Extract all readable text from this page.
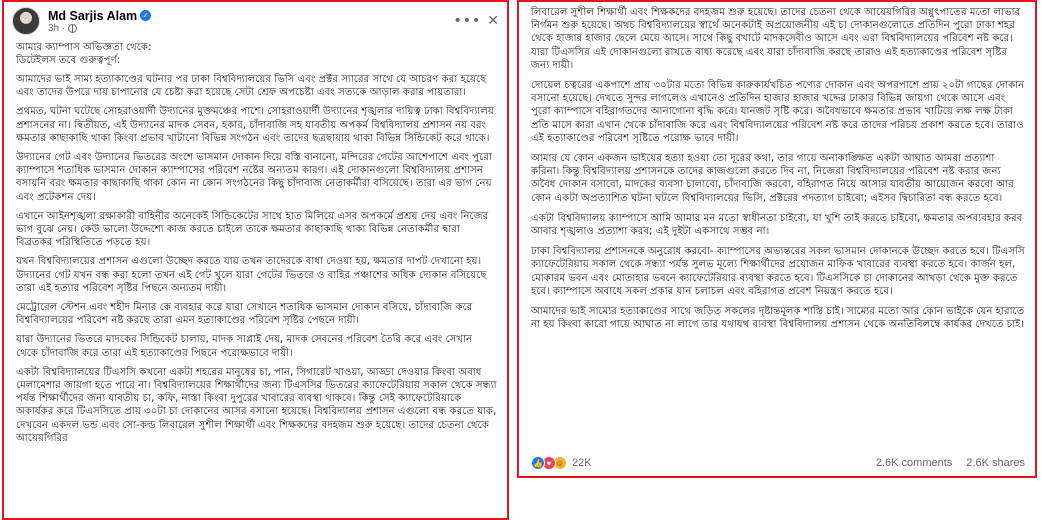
Md Sarjis Alam ✓
3h ·	••• ✕
আমার ক্যাম্পাস অভিজ্ঞতা থেকে:
ডিটেইলস তবে গুরুত্বপূর্ণ:

আমাদের ভাই সাম্য হত্যাকাণ্ডের ঘটনার পর ঢাকা বিশ্ববিদ্যালয়ের ভিসি এবং প্রক্টর স্যারের সাথে যে আচরণ করা হয়েছে এবং তাদের উপরে দায় চাপানোর যে চেষ্টা করা হয়েছে সেটা শ্রেফ অপচেষ্টা এবং সত্যকে আড়াল করার পায়তারা।

প্রথমত, ঘটনা ঘটেছে সোহরাওয়ার্দী উদ্যানের মুক্তমঞ্চের পাশে। সোহরাওয়ার্দী উদ্যানের শৃঙ্খলার দায়িত্ব ঢাকা বিশ্ববিদ্যালয় প্রশাসনের না। দ্বিতীয়ত, এই উদ্যানের মাদক সেবন, হকার, চাঁদাবাজি সহ যাবতীয় অপকর্ম বিশ্ববিদ্যালয় প্রশাসন নয় বরং ক্ষমতার কাছাকাছি থাকা কিংবা প্রভাব খাটানো বিভিন্ন সংগঠন এবং তাদের ছত্রছায়ায় থাকা বিভিন্ন সিন্ডিকেট করে থাকে।

উদ্যানের গেট এবং উদ্যানের ভিতরের অংশে ভাসমান দোকান দিয়ে বস্তি বানানো, মন্দিরের গেটের আশেপাশে এবং পুরো ক্যাম্পাসে শতাধিক ভাসমান দোকান ক্যাম্পাসের পরিবেশ নষ্টের অন্যতম কারণ। এই দোকানগুলো বিশ্ববিদ্যালয় প্রশাসন বসায়নি বরং ক্ষমতার কাছাকাছি থাকা কোন না কোন সংগঠনের কিছু চাঁদাবাজ নেতাকর্মীরা বসিয়েছে। তারা এর ভাগ নেয় এবং প্রটেকশন দেয়।

এখানে আইনশৃঙ্খলা রক্ষাকারী বাহিনীর অনেকেই সিন্ডিকেটের সাথে হাত মিলিয়ে এসব অপকর্মে প্রশ্রয় দেয় এবং নিজের ভাগ বুঝে নেয়। কেউ ভালো উদ্দেশ্যে কাজ করতে চাইলে তাকে ক্ষমতার কাছাকাছি থাকা বিভিন্ন নেতাকর্মীর দ্বারা বিব্রতকর পরিস্থিতিতে পড়তে হয়।

যখন বিশ্ববিদ্যালয়ের প্রশাসন এগুলো উচ্ছেদ করতে যায় তখন তাদেরকে বাধা দেওয়া হয়, ক্ষমতার দাপট দেখানো হয়। উদ্যানের গেট যখন বন্ধ করা হলো তখন এই গেট খুলে যারা গেটের ভিতরে ও বাহির পঞ্চাশের অধিক দোকান বসিয়েছে তারা এই হত্যার পরিবেশ সৃষ্টির পিছনে অন্যতম দায়ী।

মেট্রোরেল স্টেশন এবং শহীদ মিনার কে ব্যবহার করে যারা সেখানে শতাধিক ভাসমান দোকান বসিয়ে, চাঁদাবাজি করে বিশ্ববিদ্যালয়ের পরিবেশ নষ্ট করছে তারা এমন হত্যাকাণ্ডের পরিবেশ সৃষ্টির পেছনে দায়ী।

যারা উদ্যানের ভিতরে মাদকের সিন্ডিকেট চালায়, মাদক সাপ্লাই দেয়, মাদক সেবনের পরিবেশ তৈরি করে এবং সেখান থেকে চাঁদাবাজি করে তারা এই হত্যাকাণ্ডের পিছনে পরোক্ষভাবে দায়ী।

একটা বিশ্ববিদ্যালয়ের টিএসসি কখনো একটা শহরের মানুষের চা, পান, সিগারেট খাওয়া, আড্ডা দেওয়ার কিংবা অবাধ মেলামেশার জায়গা হতে পারে না। বিশ্ববিদ্যালয়ের শিক্ষার্থীদের জন্য টিএসসির ভিতরের ক্যাফেটেরিয়ায় সকাল থেকে সন্ধ্যা পর্যন্ত শিক্ষার্থীদের জন্য যাবতীয় চা, কফি, নাস্তা কিংবা দুপুরের খাবারের ব্যবস্থা থাকবে। কিন্তু সেই ক্যাফেটেরিয়াকে অকার্যকর করে টিএসসিতে প্রায় ৩০টা চা দোকানের আসর বসানো হয়েছে। বিশ্ববিদ্যালয় প্রশাসন এগুলো বন্ধ করতে যাক, দেখবেন একদল ভন্ড এবং সো-কল্ড লিবারেল সুশীল শিক্ষার্থী এবং শিক্ষকদের বদহজম শুরু হয়েছে। তাদের চেতনা থেকে আয়েয়গিরির

লিবারেল সুশীল শিক্ষার্থী এবং শিক্ষকদের বদহজম শুরু হয়েছে। তাদের চেতনা থেকে আয়েয়গিরির অগ্নুৎপাতের মতো লাভার নির্গমন শুরু হয়েছে। অথচ বিশ্ববিদ্যালয়ের স্বার্থে অনেকটাই অপ্রয়োজনীয় এই চা দোকানগুলোতে প্রতিদিন পুরো ঢাকা শহর থেকে হাজার হাজার ছেলে মেয়ে আসে। সাথে কিছু বখাটে মাদকসেবীও আসে এবং এরা বিশ্ববিদ্যালয়ের পরিবেশ নষ্ট করে। যারা টিএসসির এই দোকানগুলো রাখতে বাধ্য করেছে এবং যারা চাঁদাবাজি করছে তারাও এই হত্যাকাণ্ডের পরিবেশ সৃষ্টির জন্য দায়ী।

দোয়েল চত্বরের একপাশে প্রায় ৩০টার মতো বিভিন্ন কারুকার্যখচিত পণ্যের দোকান এবং অপরপাশে প্রায় ২০টা গাছের দোকান বসানো হয়েছে। দেখতে সুন্দর লাগলেও এখানেও প্রতিদিন হাজার হাজার খদ্দের ঢাকার বিভিন্ন জায়গা থেকে আসে এবং পুরো ক্যাম্পাসে বহিরাগতদের আনাগোনা বৃদ্ধি করে। যানজট সৃষ্টি করে। অবৈধভাবে ক্ষমতার প্রভাব খাটিয়ে লক্ষ লক্ষ টাকা প্রতি মাসে কারা এখান থেকে চাঁদাবাজি করে এবং বিশ্ববিদ্যালয়ের পরিবেশ নষ্ট করে তাদের পরিচয় প্রকাশ করতে হবে। তারাও এই হত্যাকাণ্ডের পরিবেশ সৃষ্টিতে পরোক্ষ ভাবে দায়ী।

আমার যে কোন একজন ভাইয়ের হত্যা হওয়া তো দূরের কথা, তার গায়ে অনাকাঙ্ক্ষিত একটা আঘাত আমরা প্রত্যাশা করিনা। কিন্তু বিশ্ববিদ্যালয় প্রশাসনকে তাদের কাজগুলো করতে দিব না, নিজেরা বিশ্ববিদ্যালয়ের পরিবেশ নষ্ট করার জন্য অবৈধ দোকান বসাবো, মাদকের ব্যবসা চালাবো, চাঁদাবাজি করবো, বহিরাগত নিয়ে আসার যাবতীয় আয়োজন করবো আর কোন একটা অপ্রত্যাশিত ঘটনা ঘটলে বিশ্ববিদ্যালয়ের ভিসি, প্রক্টরের পদত্যাগ চাইবো; এইসব দ্বিচারিতা বন্ধ করতে হবে।

একটা বিশ্ববিদ্যালয় ক্যাম্পাসে আমি আমার মন মতো স্বাধীনতা চাইবো, যা খুশি তাই করতে চাইবো, ক্ষমতার অপব্যবহার করব আবার শৃঙ্খলাও প্রত্যাশা করব; এই দুইটা একসাথে সম্ভব না।

ঢাকা বিশ্ববিদ্যালয় প্রশাসনকে অনুরোধ করবো- ক্যাম্পাসের অভ্যন্তরের সকল ভাসমান দোকানকে উচ্ছেদ করতে হবে। টিএসসি ক্যাফেটেরিয়ায় সকাল থেকে সন্ধ্যা পর্যন্ত সুলভ মূল্যে শিক্ষার্থীদের প্রয়োজন মাফিক খাবারের ব্যবস্থা করতে হবে। কার্জন হল, মোকারম ভবন এবং মোতাহার ভবনে ক্যাফেটেরিয়ার ব্যবস্থা করতে হবে। টিএসসিকে চা দোকানের আখড়া থেকে মুক্ত করতে হবে। ক্যাম্পাসে অবাধে সকল প্রকার যান চলাচল এবং বহিরাগত প্রবেশ নিয়ন্ত্রণ করতে হবে।

আমাদের ভাই সাম্যের হত্যাকাণ্ডের সাথে জড়িত সকলের দৃষ্টান্তমূলক শাস্তি চাই। সাম্যের মতো আর কোন ভাইকে যেন হারাতে না হয় কিংবা কারো গায়ে আঘাত না লাগে তার যথাযথ ব্যবস্থা বিশ্ববিদ্যালয় প্রশাসন থেকে অনতিবিলম্বে কার্যকর দেখতে চাই।

👍 ♥ ☺ 22K	2.6K comments 2.6K shares
